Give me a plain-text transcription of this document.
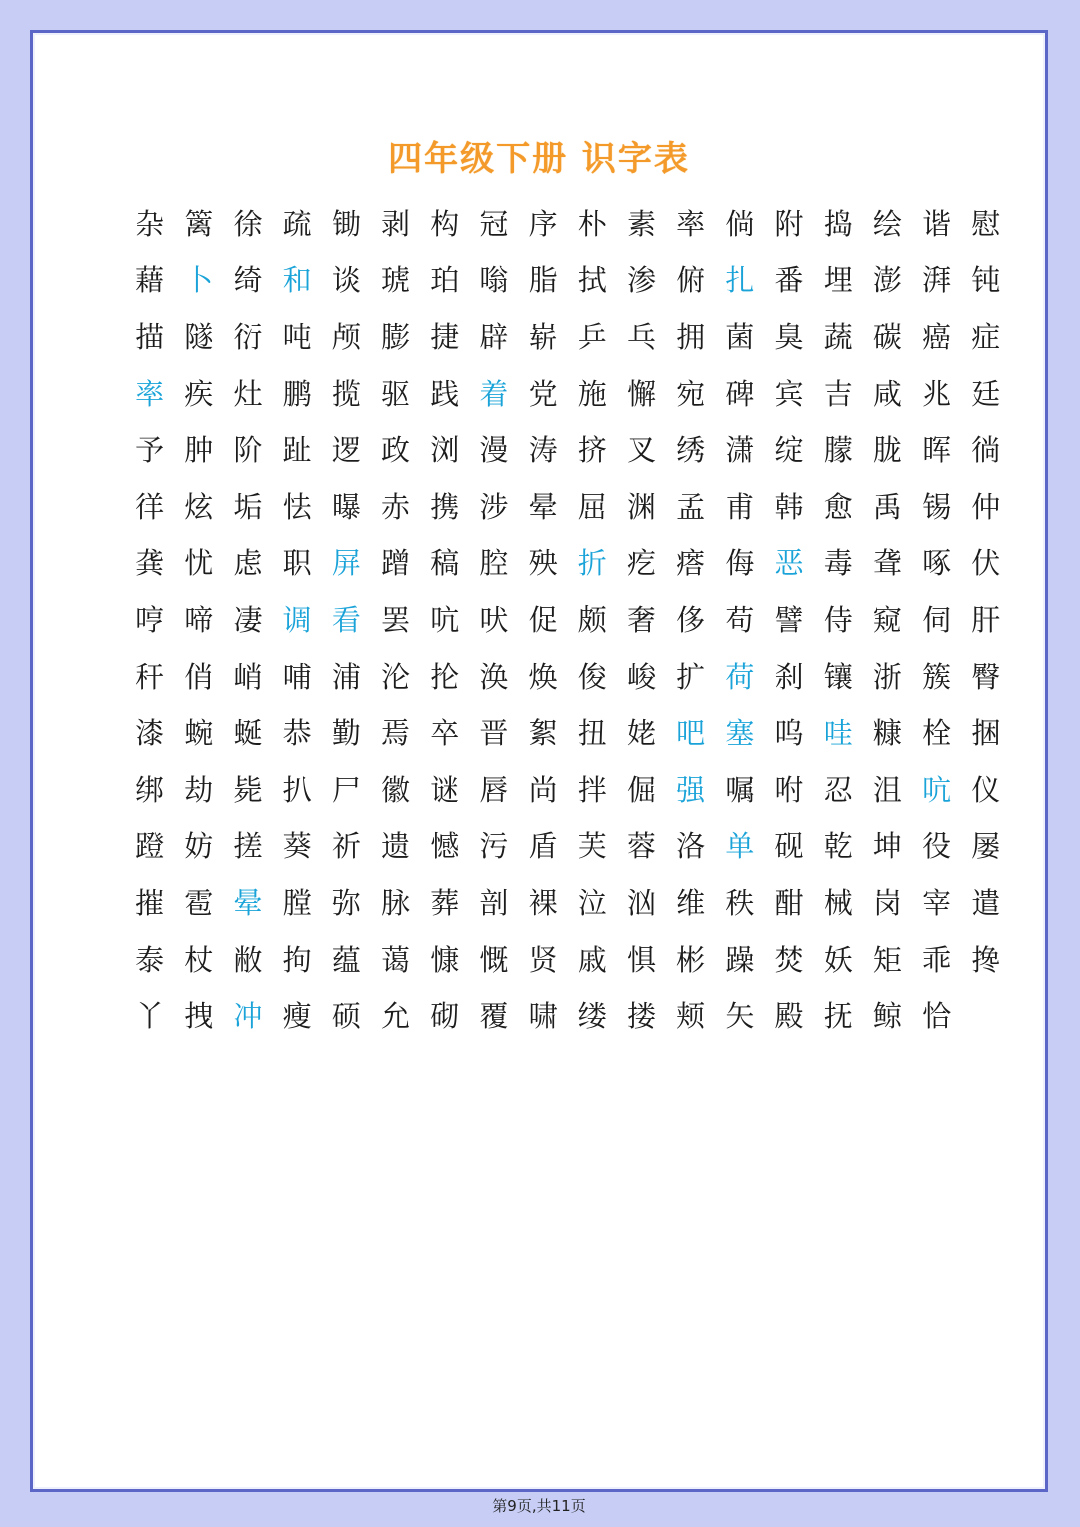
四年级下册 识字表
杂 篱 徐 疏 锄 剥 构 冠 序 朴 素 率 倘 附 捣 绘 谐 慰
藉 卜 绮 和 谈 琥 珀 嗡 脂 拭 渗 俯 扎 番 埋 澎 湃 钝
描 隧 衍 吨 颅 膨 捷 辟 崭 乒 乓 拥 菌 臭 蔬 碳 癌 症
率 疾 灶 鹏 揽 驱 践 着 党 施 懈 宛 碑 宾 吉 咸 兆 廷
予 肿 阶 趾 逻 政 浏 漫 涛 挤 叉 绣 潇 绽 朦 胧 晖 徜
徉 炫 垢 怯 曝 赤 携 涉 晕 屈 渊 孟 甫 韩 愈 禹 锡 仲
龚 忧 虑 职 屏 蹭 稿 腔 殃 折 疙 瘩 侮 恶 毒 聋 啄 伏
哼 啼 凄 调 看 罢 吭 吠 促 颇 奢 侈 苟 譬 侍 窥 伺 肝
秆 俏 峭 哺 浦 沦 抡 涣 焕 俊 峻 扩 荷 刹 镶 浙 簇 臀
漆 蜿 蜒 恭 勤 焉 卒 晋 絮 扭 姥 吧 塞 呜 哇 糠 栓 捆
绑 劫 毙 扒 尸 徽 谜 唇 尚 拌 倔 强 嘱 咐 忍 沮 吭 仪
蹬 妨 搓 葵 祈 遗 憾 污 盾 芙 蓉 洛 单 砚 乾 坤 役 屡
摧 雹 晕 膛 弥 脉 葬 剖 裸 泣 汹 维 秩 酣 械 岗 宰 遣
泰 杖 敝 拘 蕴 蔼 慷 慨 贤 戚 惧 彬 躁 焚 妖 矩 乖 搀
丫 拽 冲 瘦 硕 允 砌 覆 啸 缕 搂 颊 矢 殿 抚 鲸 恰
第9页,共11页
